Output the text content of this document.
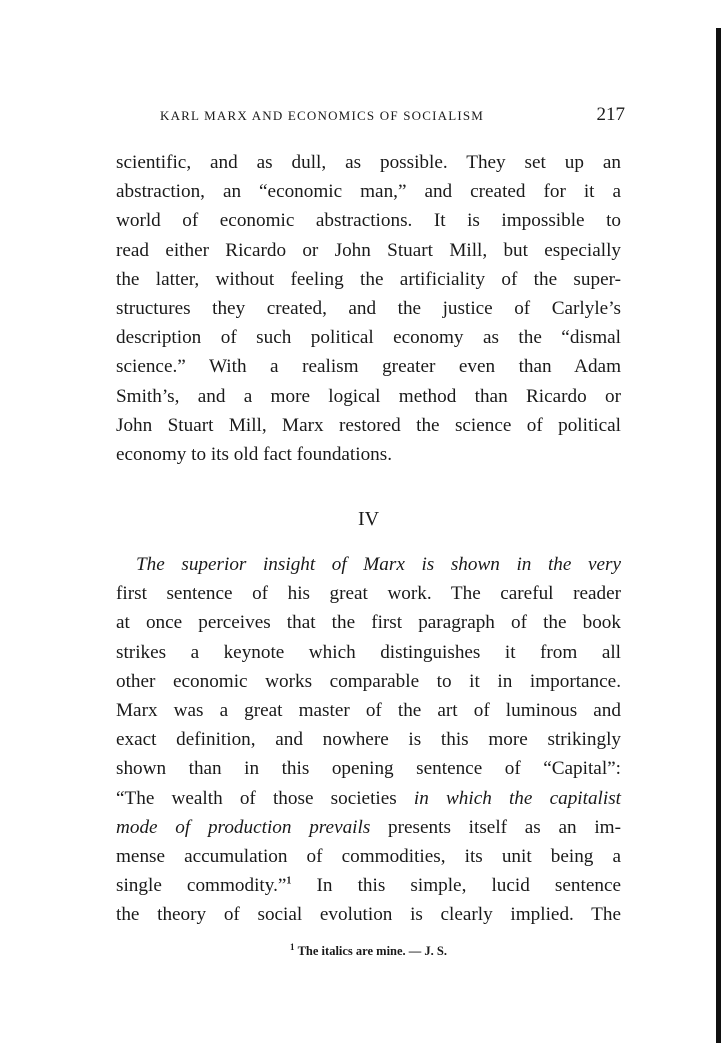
KARL MARX AND ECONOMICS OF SOCIALISM	217
scientific, and as dull, as possible. They set up an
abstraction, an “economic man,” and created for it a
world of economic abstractions. It is impossible to
read either Ricardo or John Stuart Mill, but especially
the latter, without feeling the artificiality of the super-
structures they created, and the justice of Carlyle’s
description of such political economy as the “dismal
science.” With a realism greater even than Adam
Smith’s, and a more logical method than Ricardo or
John Stuart Mill, Marx restored the science of political
economy to its old fact foundations.
IV
The superior insight of Marx is shown in the very
first sentence of his great work. The careful reader
at once perceives that the first paragraph of the book
strikes a keynote which distinguishes it from all
other economic works comparable to it in importance.
Marx was a great master of the art of luminous and
exact definition, and nowhere is this more strikingly
shown than in this opening sentence of “Capital”:
“The wealth of those societies in which the capitalist
mode of production prevails presents itself as an im-
mense accumulation of commodities, its unit being a
single commodity.”$^1$ In this simple, lucid sentence
the theory of social evolution is clearly implied. The
$^1$ The italics are mine. — J. S.
